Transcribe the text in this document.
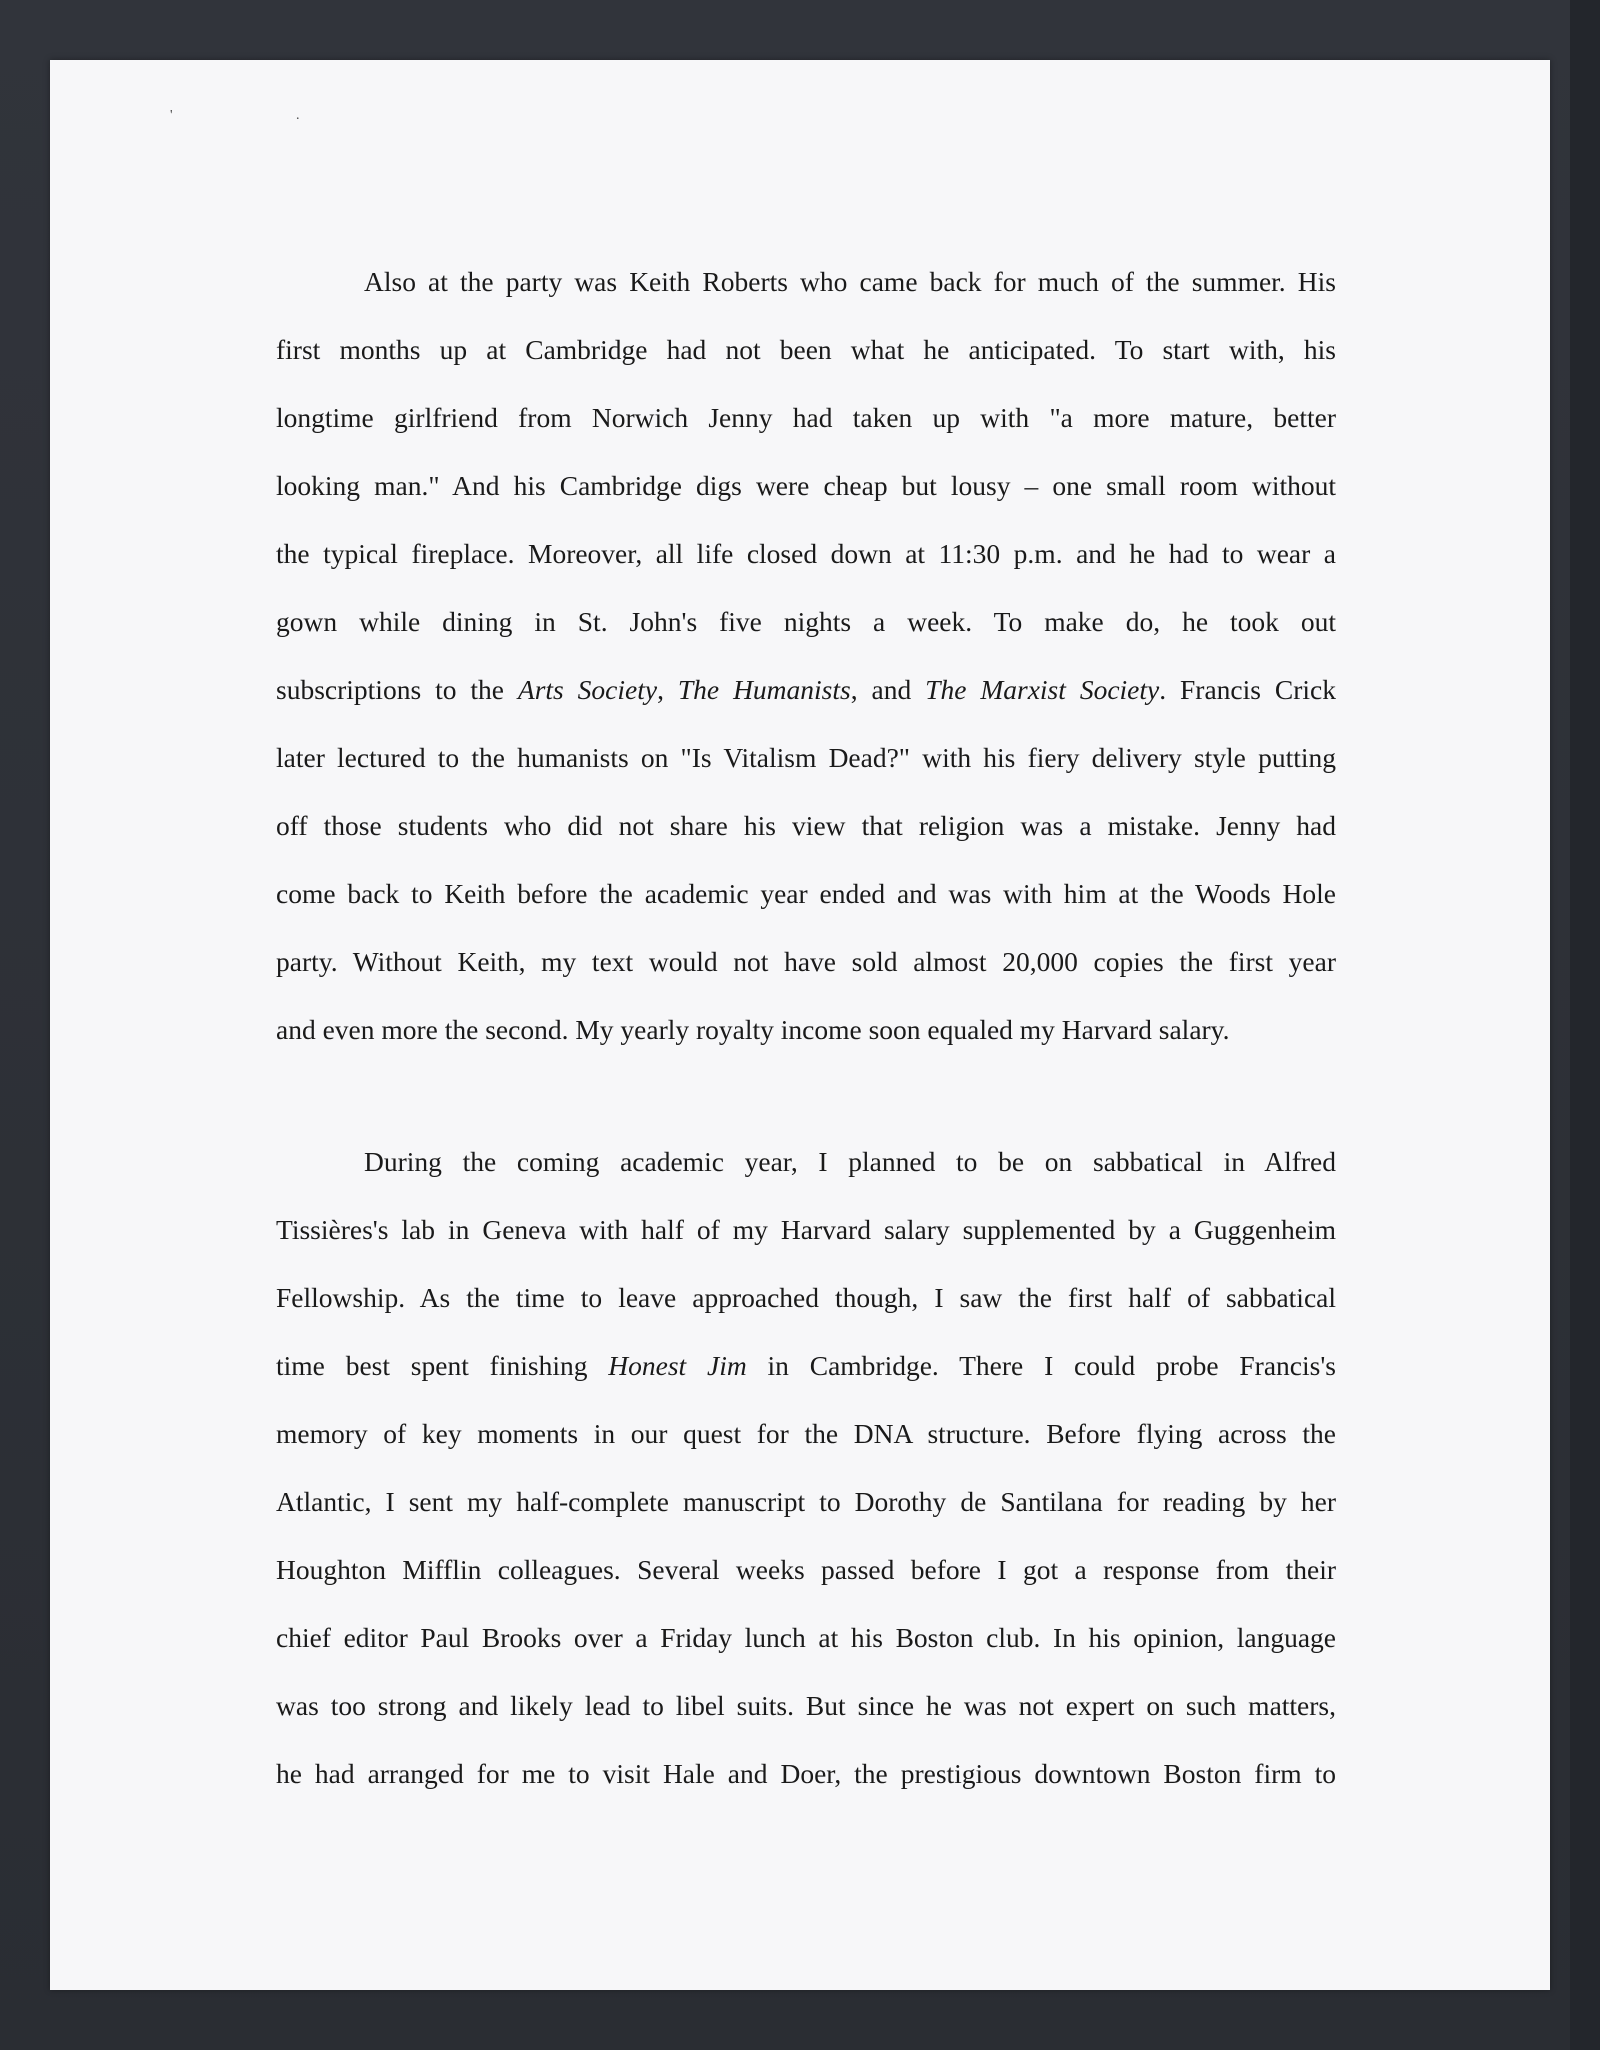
' .
Also at the party was Keith Roberts who came back for much of the summer. His
first months up at Cambridge had not been what he anticipated. To start with, his
longtime girlfriend from Norwich Jenny had taken up with "a more mature, better
looking man." And his Cambridge digs were cheap but lousy – one small room without
the typical fireplace. Moreover, all life closed down at 11:30 p.m. and he had to wear a
gown while dining in St. John's five nights a week. To make do, he took out
subscriptions to the Arts Society, The Humanists, and The Marxist Society. Francis Crick
later lectured to the humanists on "Is Vitalism Dead?" with his fiery delivery style putting
off those students who did not share his view that religion was a mistake. Jenny had
come back to Keith before the academic year ended and was with him at the Woods Hole
party. Without Keith, my text would not have sold almost 20,000 copies the first year
and even more the second. My yearly royalty income soon equaled my Harvard salary.
During the coming academic year, I planned to be on sabbatical in Alfred
Tissières's lab in Geneva with half of my Harvard salary supplemented by a Guggenheim
Fellowship. As the time to leave approached though, I saw the first half of sabbatical
time best spent finishing Honest Jim in Cambridge. There I could probe Francis's
memory of key moments in our quest for the DNA structure. Before flying across the
Atlantic, I sent my half-complete manuscript to Dorothy de Santilana for reading by her
Houghton Mifflin colleagues. Several weeks passed before I got a response from their
chief editor Paul Brooks over a Friday lunch at his Boston club. In his opinion, language
was too strong and likely lead to libel suits. But since he was not expert on such matters,
he had arranged for me to visit Hale and Doer, the prestigious downtown Boston firm to
